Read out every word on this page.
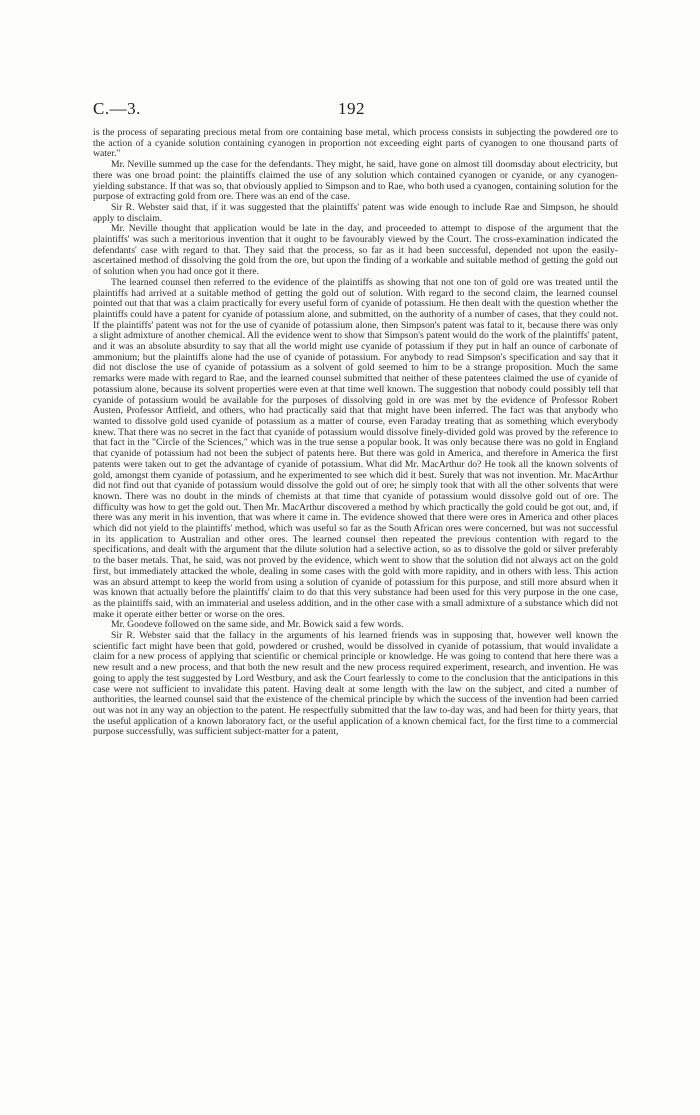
C.—3.	192

is the process of separating precious metal from ore containing base metal, which process consists in subjecting the powdered ore to the action of a cyanide solution containing cyanogen in proportion not exceeding eight parts of cyanogen to one thousand parts of water."

Mr. Neville summed up the case for the defendants. They might, he said, have gone on almost till doomsday about electricity, but there was one broad point: the plaintiffs claimed the use of any solution which contained cyanogen or cyanide, or any cyanogen-yielding substance. If that was so, that obviously applied to Simpson and to Rae, who both used a cyanogen, containing solution for the purpose of extracting gold from ore. There was an end of the case.

Sir R. Webster said that, if it was suggested that the plaintiffs' patent was wide enough to include Rae and Simpson, he should apply to disclaim.

Mr. Neville thought that application would be late in the day, and proceeded to attempt to dispose of the argument that the plaintiffs' was such a meritorious invention that it ought to be favourably viewed by the Court. The cross-examination indicated the defendants' case with regard to that. They said that the process, so far as it had been successful, depended not upon the easily-ascertained method of dissolving the gold from the ore, but upon the finding of a workable and suitable method of getting the gold out of solution when you had once got it there.

The learned counsel then referred to the evidence of the plaintiffs as showing that not one ton of gold ore was treated until the plaintiffs had arrived at a suitable method of getting the gold out of solution. With regard to the second claim, the learned counsel pointed out that that was a claim practically for every useful form of cyanide of potassium. He then dealt with the question whether the plaintiffs could have a patent for cyanide of potassium alone, and submitted, on the authority of a number of cases, that they could not. If the plaintiffs' patent was not for the use of cyanide of potassium alone, then Simpson's patent was fatal to it, because there was only a slight admixture of another chemical. All the evidence went to show that Simpson's patent would do the work of the plaintiffs' patent, and it was an absolute absurdity to say that all the world might use cyanide of potassium if they put in half an ounce of carbonate of ammonium; but the plaintiffs alone had the use of cyanide of potassium. For anybody to read Simpson's specification and say that it did not disclose the use of cyanide of potassium as a solvent of gold seemed to him to be a strange proposition. Much the same remarks were made with regard to Rae, and the learned counsel submitted that neither of these patentees claimed the use of cyanide of potassium alone, because its solvent properties were even at that time well known. The suggestion that nobody could possibly tell that cyanide of potassium would be available for the purposes of dissolving gold in ore was met by the evidence of Professor Robert Austen, Professor Attfield, and others, who had practically said that that might have been inferred. The fact was that anybody who wanted to dissolve gold used cyanide of potassium as a matter of course, even Faraday treating that as something which everybody knew. That there was no secret in the fact that cyanide of potassium would dissolve finely-divided gold was proved by the reference to that fact in the "Circle of the Sciences," which was in the true sense a popular book. It was only because there was no gold in England that cyanide of potassium had not been the subject of patents here. But there was gold in America, and therefore in America the first patents were taken out to get the advantage of cyanide of potassium. What did Mr. MacArthur do? He took all the known solvents of gold, amongst them cyanide of potassium, and he experimented to see which did it best. Surely that was not invention. Mr. MacArthur did not find out that cyanide of potassium would dissolve the gold out of ore; he simply took that with all the other solvents that were known. There was no doubt in the minds of chemists at that time that cyanide of potassium would dissolve gold out of ore. The difficulty was how to get the gold out. Then Mr. MacArthur discovered a method by which practically the gold could be got out, and, if there was any merit in his invention, that was where it came in. The evidence showed that there were ores in America and other places which did not yield to the plaintiffs' method, which was useful so far as the South African ores were concerned, but was not successful in its application to Australian and other ores. The learned counsel then repeated the previous contention with regard to the specifications, and dealt with the argument that the dilute solution had a selective action, so as to dissolve the gold or silver preferably to the baser metals. That, he said, was not proved by the evidence, which went to show that the solution did not always act on the gold first, but immediately attacked the whole, dealing in some cases with the gold with more rapidity, and in others with less. This action was an absurd attempt to keep the world from using a solution of cyanide of potassium for this purpose, and still more absurd when it was known that actually before the plaintiffs' claim to do that this very substance had been used for this very purpose in the one case, as the plaintiffs said, with an immaterial and useless addition, and in the other case with a small admixture of a substance which did not make it operate either better or worse on the ores.

Mr. Goodeve followed on the same side, and Mr. Bowick said a few words.

Sir R. Webster said that the fallacy in the arguments of his learned friends was in supposing that, however well known the scientific fact might have been that gold, powdered or crushed, would be dissolved in cyanide of potassium, that would invalidate a claim for a new process of applying that scientific or chemical principle or knowledge. He was going to contend that here there was a new result and a new process, and that both the new result and the new process required experiment, research, and invention. He was going to apply the test suggested by Lord Westbury, and ask the Court fearlessly to come to the conclusion that the anticipations in this case were not sufficient to invalidate this patent. Having dealt at some length with the law on the subject, and cited a number of authorities, the learned counsel said that the existence of the chemical principle by which the success of the invention had been carried out was not in any way an objection to the patent. He respectfully submitted that the law to-day was, and had been for thirty years, that the useful application of a known laboratory fact, or the useful application of a known chemical fact, for the first time to a commercial purpose successfully, was sufficient subject-matter for a patent,
